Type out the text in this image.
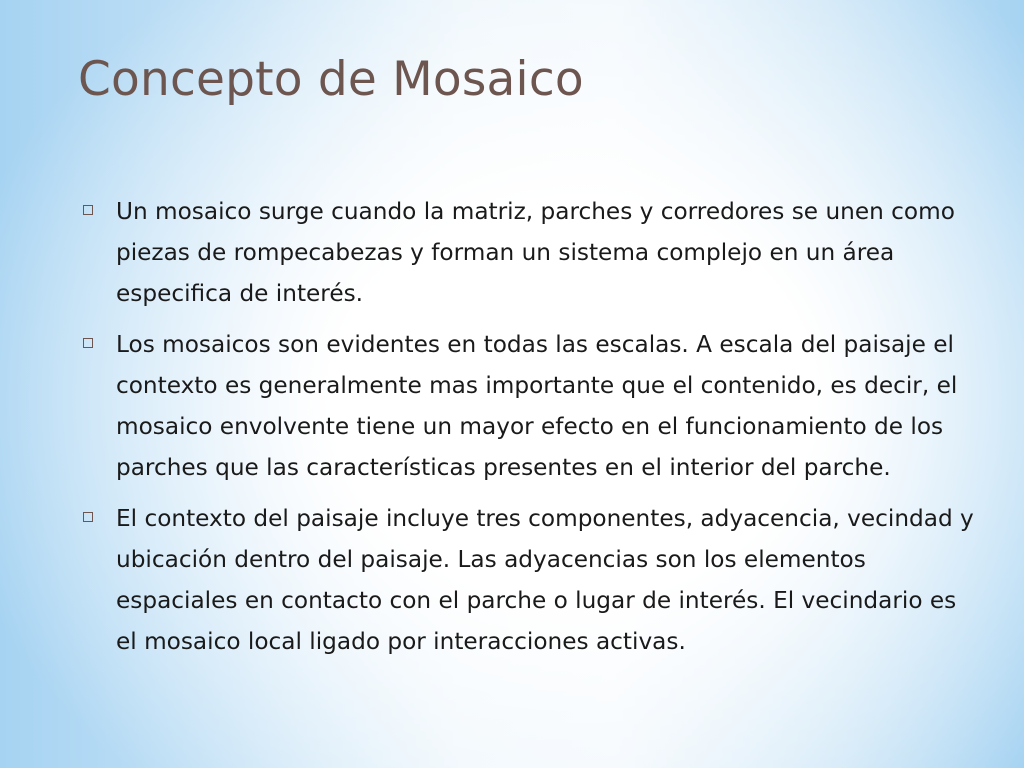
Concepto de Mosaico
Un mosaico surge cuando la matriz, parches y corredores se unen como piezas de rompecabezas y forman un sistema complejo en un área especifica de interés.
Los mosaicos son evidentes en todas las escalas. A escala del paisaje el contexto es generalmente mas importante que el contenido, es decir, el mosaico envolvente tiene un mayor efecto en el funcionamiento de los parches que las características presentes en el interior del parche.
El contexto del paisaje incluye tres componentes, adyacencia, vecindad y ubicación dentro del paisaje. Las adyacencias son los elementos espaciales en contacto con el parche o lugar de interés. El vecindario es el mosaico local ligado por interacciones activas.
